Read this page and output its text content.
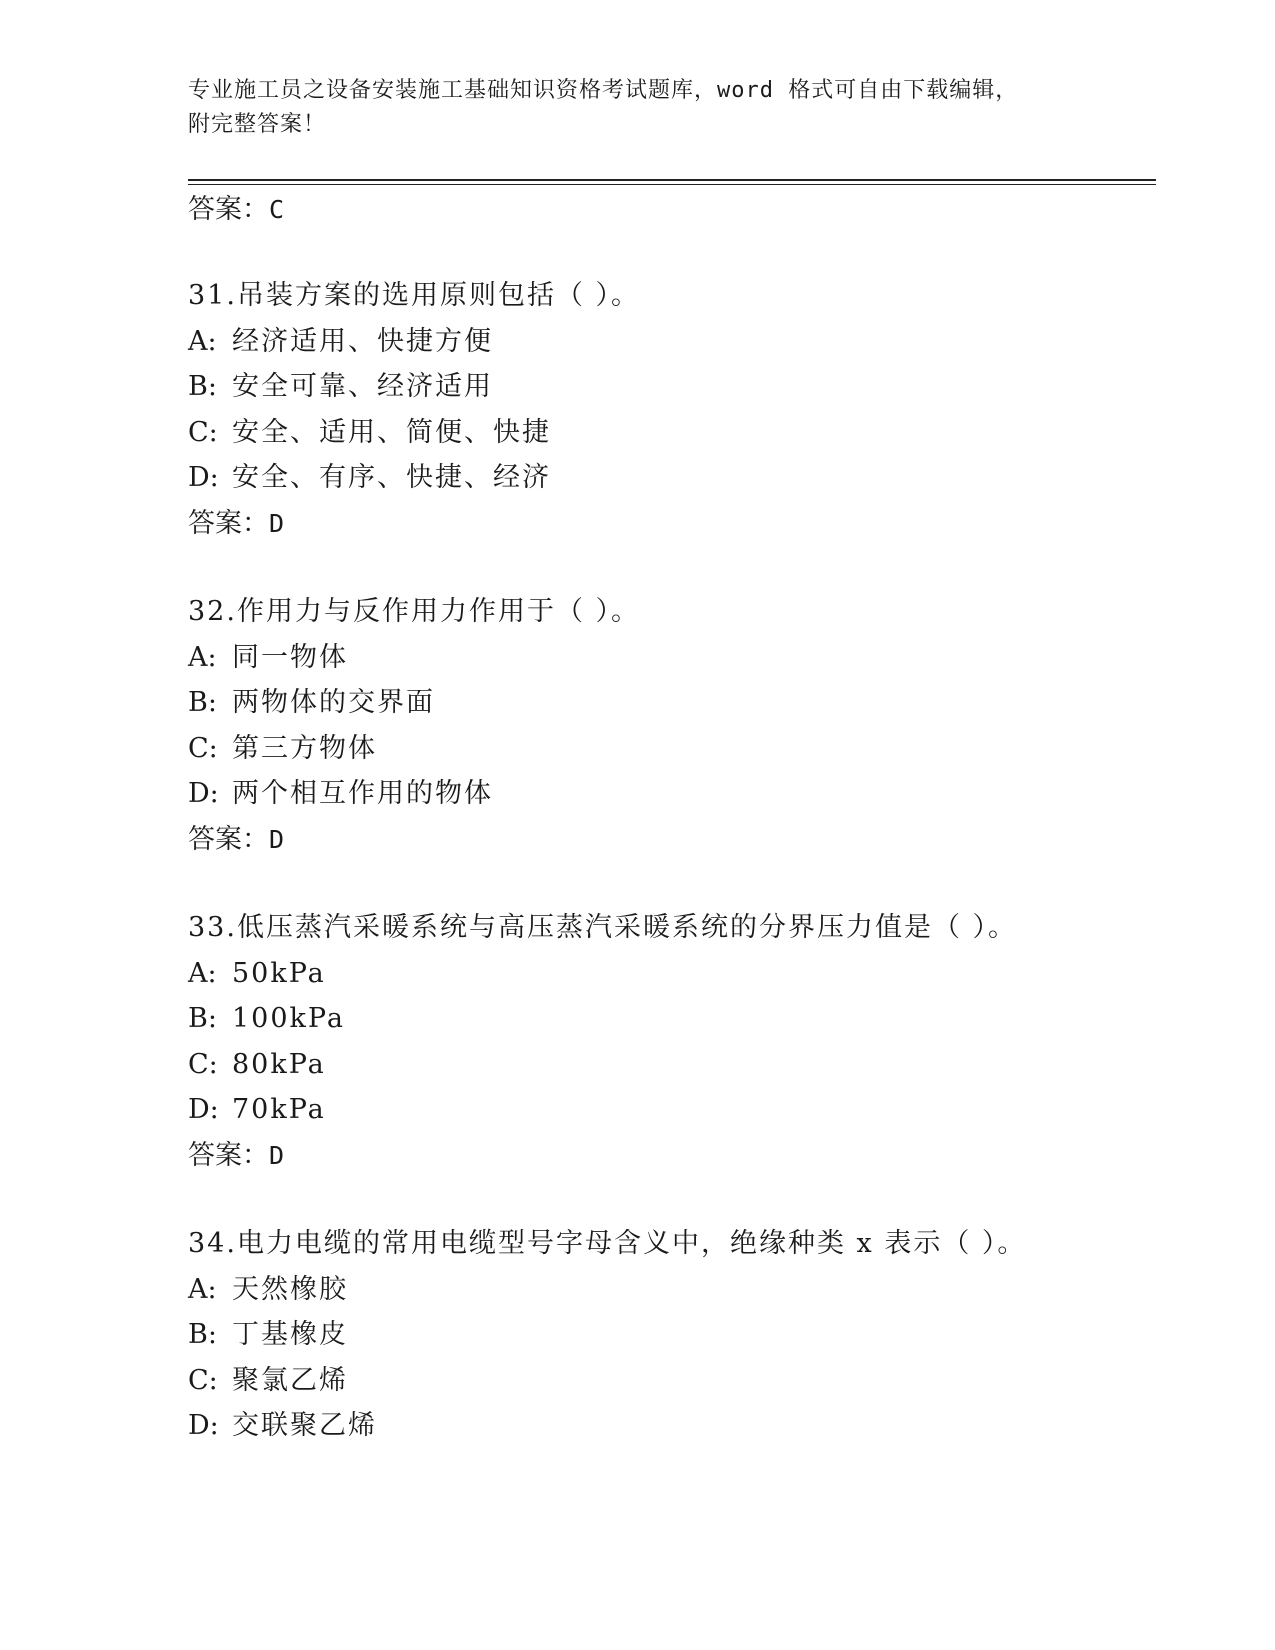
专业施工员之设备安装施工基础知识资格考试题库，word 格式可自由下载编辑，
附完整答案！
答案：C
31.吊装方案的选用原则包括（ ）。
A: 经济适用、快捷方便
B: 安全可靠、经济适用
C: 安全、适用、简便、快捷
D: 安全、有序、快捷、经济
答案：D
32.作用力与反作用力作用于（ ）。
A: 同一物体
B: 两物体的交界面
C: 第三方物体
D: 两个相互作用的物体
答案：D
33.低压蒸汽采暖系统与高压蒸汽采暖系统的分界压力值是（ ）。
A: 50kPa
B: 100kPa
C: 80kPa
D: 70kPa
答案：D
34.电力电缆的常用电缆型号字母含义中，绝缘种类 x 表示（ ）。
A: 天然橡胶
B: 丁基橡皮
C: 聚氯乙烯
D: 交联聚乙烯
